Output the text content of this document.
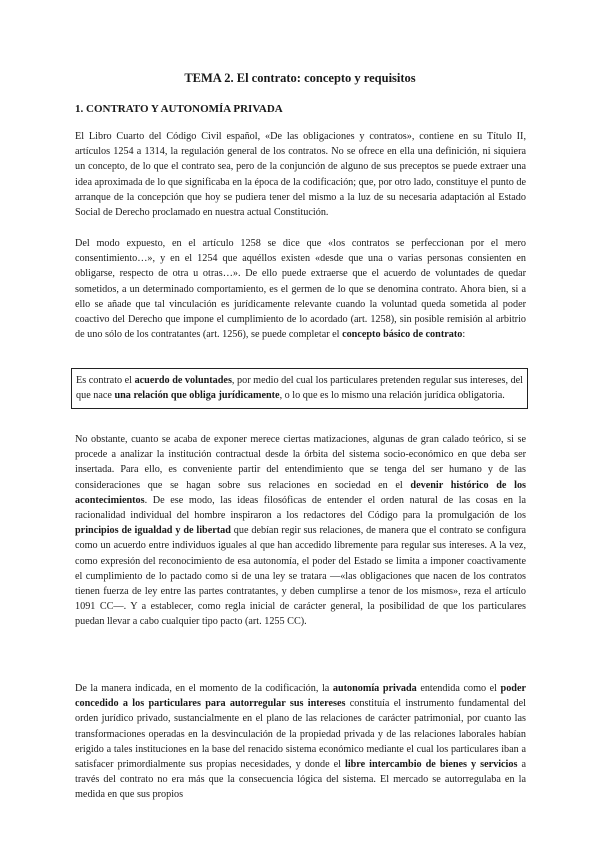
TEMA 2. El contrato: concepto y requisitos
1. CONTRATO Y AUTONOMÍA PRIVADA

El Libro Cuarto del Código Civil español, «De las obligaciones y contratos», contiene en su Título II, artículos 1254 a 1314, la regulación general de los contratos. No se ofrece en ella una definición, ni siquiera un concepto, de lo que el contrato sea, pero de la conjunción de alguno de sus preceptos se puede extraer una idea aproximada de lo que significaba en la época de la codificación; que, por otro lado, constituye el punto de arranque de la concepción que hoy se pudiera tener del mismo a la luz de su necesaria adaptación al Estado Social de Derecho proclamado en nuestra actual Constitución.

Del modo expuesto, en el artículo 1258 se dice que «los contratos se perfeccionan por el mero consentimiento…», y en el 1254 que aquéllos existen «desde que una o varias personas consienten en obligarse, respecto de otra u otras…». De ello puede extraerse que el acuerdo de voluntades de quedar sometidos, a un determinado comportamiento, es el germen de lo que se denomina contrato. Ahora bien, si a ello se añade que tal vinculación es jurídicamente relevante cuando la voluntad queda sometida al poder coactivo del Derecho que impone el cumplimiento de lo acordado (art. 1258), sin posible remisión al arbitrio de uno sólo de los contratantes (art. 1256), se puede completar el concepto básico de contrato:

Es contrato el acuerdo de voluntades, por medio del cual los particulares pretenden regular sus intereses, del que nace una relación que obliga jurídicamente, o lo que es lo mismo una relación jurídica obligatoria.

No obstante, cuanto se acaba de exponer merece ciertas matizaciones, algunas de gran calado teórico, si se procede a analizar la institución contractual desde la órbita del sistema socio-económico en que deba ser insertada. Para ello, es conveniente partir del entendimiento que se tenga del ser humano y de las consideraciones que se hagan sobre sus relaciones en sociedad en el devenir histórico de los acontecimientos. De ese modo, las ideas filosóficas de entender el orden natural de las cosas en la racionalidad individual del hombre inspiraron a los redactores del Código para la promulgación de los principios de igualdad y de libertad que debían regir sus relaciones, de manera que el contrato se configura como un acuerdo entre individuos iguales al que han accedido libremente para regular sus intereses. A la vez, como expresión del reconocimiento de esa autonomía, el poder del Estado se limita a imponer coactivamente el cumplimiento de lo pactado como si de una ley se tratara —«las obligaciones que nacen de los contratos tienen fuerza de ley entre las partes contratantes, y deben cumplirse a tenor de los mismos», reza el artículo 1091 CC—. Y a establecer, como regla inicial de carácter general, la posibilidad de que los particulares puedan llevar a cabo cualquier tipo pacto (art. 1255 CC).

De la manera indicada, en el momento de la codificación, la autonomía privada entendida como el poder concedido a los particulares para autorregular sus intereses constituía el instrumento fundamental del orden jurídico privado, sustancialmente en el plano de las relaciones de carácter patrimonial, por cuanto las transformaciones operadas en la desvinculación de la propiedad privada y de las relaciones laborales habían erigido a tales instituciones en la base del renacido sistema económico mediante el cual los particulares iban a satisfacer primordialmente sus propias necesidades, y donde el libre intercambio de bienes y servicios a través del contrato no era más que la consecuencia lógica del sistema. El mercado se autorregulaba en la medida en que sus propios
